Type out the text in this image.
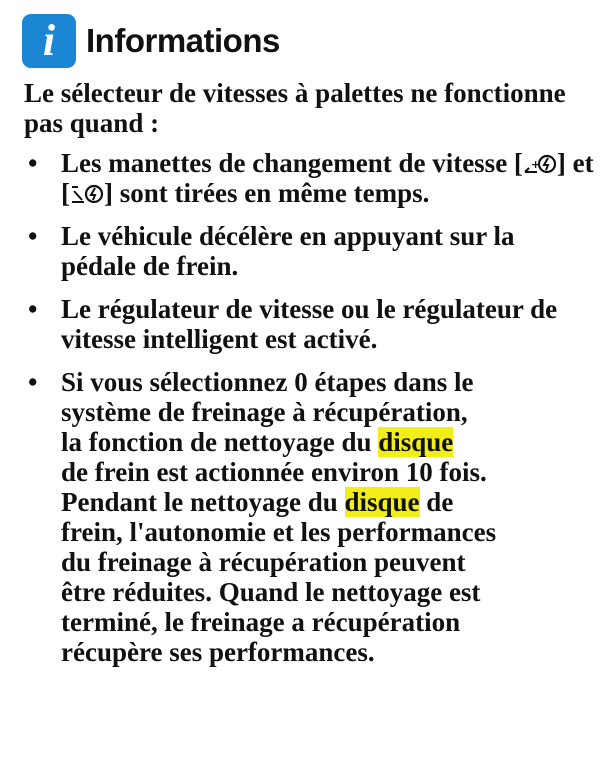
i Informations
Le sélecteur de vitesses à palettes ne fonctionne pas quand :
• Les manettes de changement de vitesse [ + ] et [ ] sont tirées en même temps.
• Le véhicule décélère en appuyant sur la pédale de frein.
• Le régulateur de vitesse ou le régulateur de vitesse intelligent est activé.
• Si vous sélectionnez 0 étapes dans le
système de freinage à récupération,
la fonction de nettoyage du disque
de frein est actionnée environ 10 fois.
Pendant le nettoyage du disque de
frein, l'autonomie et les performances
du freinage à récupération peuvent
être réduites. Quand le nettoyage est
terminé, le freinage a récupération
récupère ses performances.
